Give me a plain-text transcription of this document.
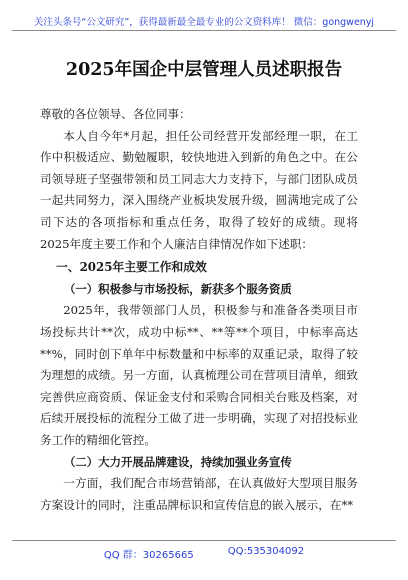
关注头条号“公文研究”，获得最新最全最专业的公文资料库！ 微信：gongwenyj
2025年国企中层管理人员述职报告

尊敬的各位领导、各位同事：

本人自今年*月起，担任公司经营开发部经理一职，在工作中积极适应、勤勉履职，较快地进入到新的角色之中。在公司领导班子坚强带领和员工同志大力支持下，与部门团队成员一起共同努力，深入围绕产业板块发展升级，圆满地完成了公司下达的各项指标和重点任务，取得了较好的成绩。现将2025年度主要工作和个人廉洁自律情况作如下述职：

一、2025年主要工作和成效

（一）积极参与市场投标，新获多个服务资质

2025年，我带领部门人员，积极参与和准备各类项目市场投标共计**次，成功中标**、**等**个项目，中标率高达**%，同时创下单年中标数量和中标率的双重记录，取得了较为理想的成绩。另一方面，认真梳理公司在营项目清单，细致完善供应商资质、保证金支付和采购合同相关台账及档案，对后续开展投标的流程分工做了进一步明确，实现了对招投标业务工作的精细化管控。

（二）大力开展品牌建设，持续加强业务宣传

一方面，我们配合市场营销部，在认真做好大型项目服务方案设计的同时，注重品牌标识和宣传信息的嵌入展示，在**

QQ 群：30265665	QQ:535304092
